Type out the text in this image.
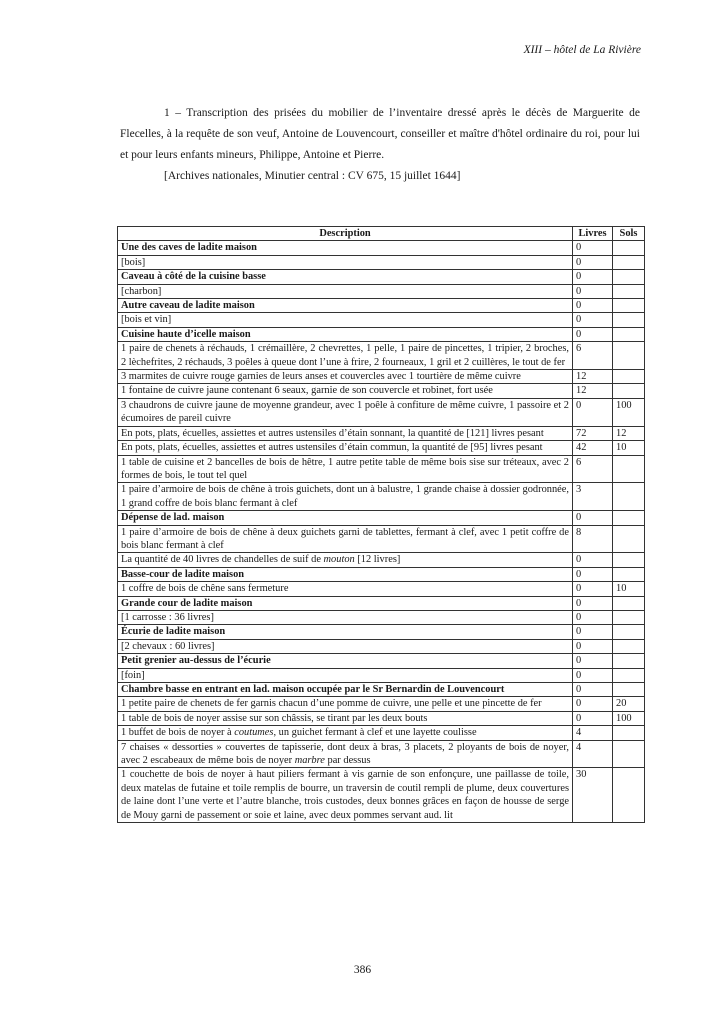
XIII – hôtel de La Rivière

1 – Transcription des prisées du mobilier de l’inventaire dressé après le décès de Marguerite de Flecelles, à la requête de son veuf, Antoine de Louvencourt, conseiller et maître d'hôtel ordinaire du roi, pour lui et pour leurs enfants mineurs, Philippe, Antoine et Pierre.

[Archives nationales, Minutier central : CV 675, 15 juillet 1644]

Description	Livres	Sols
Une des caves de ladite maison	0	
[bois]	0	
Caveau à côté de la cuisine basse	0	
[charbon]	0	
Autre caveau de ladite maison	0	
[bois et vin]	0	
Cuisine haute d’icelle maison	0	
1 paire de chenets à réchauds, 1 crémaillère, 2 chevrettes, 1 pelle, 1 paire de pincettes, 1 tripier, 2 broches, 2 lèchefrites, 2 réchauds, 3 poêles à queue dont l’une à frire, 2 fourneaux, 1 gril et 2 cuillères, le tout de fer	6	
3 marmites de cuivre rouge garnies de leurs anses et couvercles avec 1 tourtière de même cuivre	12	
1 fontaine de cuivre jaune contenant 6 seaux, garnie de son couvercle et robinet, fort usée	12	
3 chaudrons de cuivre jaune de moyenne grandeur, avec 1 poêle à confiture de même cuivre, 1 passoire et 2 écumoires de pareil cuivre	0	100
En pots, plats, écuelles, assiettes et autres ustensiles d’étain sonnant, la quantité de [121] livres pesant	72	12
En pots, plats, écuelles, assiettes et autres ustensiles d’étain commun, la quantité de [95] livres pesant	42	10
1 table de cuisine et 2 bancelles de bois de hêtre, 1 autre petite table de même bois sise sur tréteaux, avec 2 formes de bois, le tout tel quel	6	
1 paire d’armoire de bois de chêne à trois guichets, dont un à balustre, 1 grande chaise à dossier godronnée, 1 grand coffre de bois blanc fermant à clef	3	
Dépense de lad. maison	0	
1 paire d’armoire de bois de chêne à deux guichets garni de tablettes, fermant à clef, avec 1 petit coffre de bois blanc fermant à clef	8	
La quantité de 40 livres de chandelles de suif de mouton [12 livres]	0	
Basse-cour de ladite maison	0	
1 coffre de bois de chêne sans fermeture	0	10
Grande cour de ladite maison	0	
[1 carrosse : 36 livres]	0	
Écurie de ladite maison	0	
[2 chevaux : 60 livres]	0	
Petit grenier au-dessus de l’écurie	0	
[foin]	0	
Chambre basse en entrant en lad. maison occupée par le Sr Bernardin de Louvencourt	0	
1 petite paire de chenets de fer garnis chacun d’une pomme de cuivre, une pelle et une pincette de fer	0	20
1 table de bois de noyer assise sur son châssis, se tirant par les deux bouts	0	100
1 buffet de bois de noyer à coutumes, un guichet fermant à clef et une layette coulisse	4	
7 chaises « dessorties » couvertes de tapisserie, dont deux à bras, 3 placets, 2 ployants de bois de noyer, avec 2 escabeaux de même bois de noyer marbre par dessus	4	
1 couchette de bois de noyer à haut piliers fermant à vis garnie de son enfonçure, une paillasse de toile, deux matelas de futaine et toile remplis de bourre, un traversin de coutil rempli de plume, deux couvertures de laine dont l’une verte et l’autre blanche, trois custodes, deux bonnes grâces en façon de housse de serge de Mouy garni de passement or soie et laine, avec deux pommes servant aud. lit	30	
386
